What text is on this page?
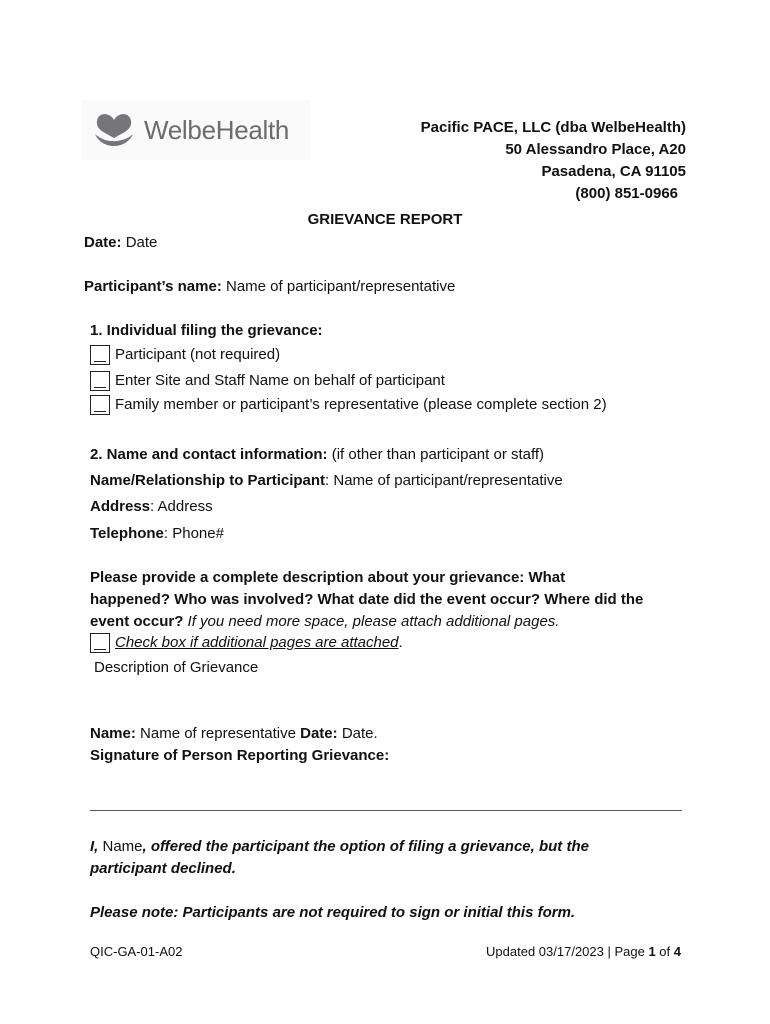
WelbeHealth	Pacific PACE, LLC (dba WelbeHealth)
50 Alessandro Place, A20
Pasadena, CA 91105
(800) 851-0966
GRIEVANCE REPORT
Date: Date
Participant’s name: Name of participant/representative
1. Individual filing the grievance:
Participant (not required)
Enter Site and Staff Name on behalf of participant
Family member or participant’s representative (please complete section 2)
2. Name and contact information: (if other than participant or staff)
Name/Relationship to Participant: Name of participant/representative
Address: Address
Telephone: Phone#
Please provide a complete description about your grievance: What
happened? Who was involved? What date did the event occur? Where did the
event occur? If you need more space, please attach additional pages.
Check box if additional pages are attached .
Description of Grievance
Name: Name of representative Date: Date.
Signature of Person Reporting Grievance:
I, Name, offered the participant the option of filing a grievance, but the
participant declined.
Please note: Participants are not required to sign or initial this form.
QIC-GA-01-A02	Updated 03/17/2023 | Page 1 of 4
